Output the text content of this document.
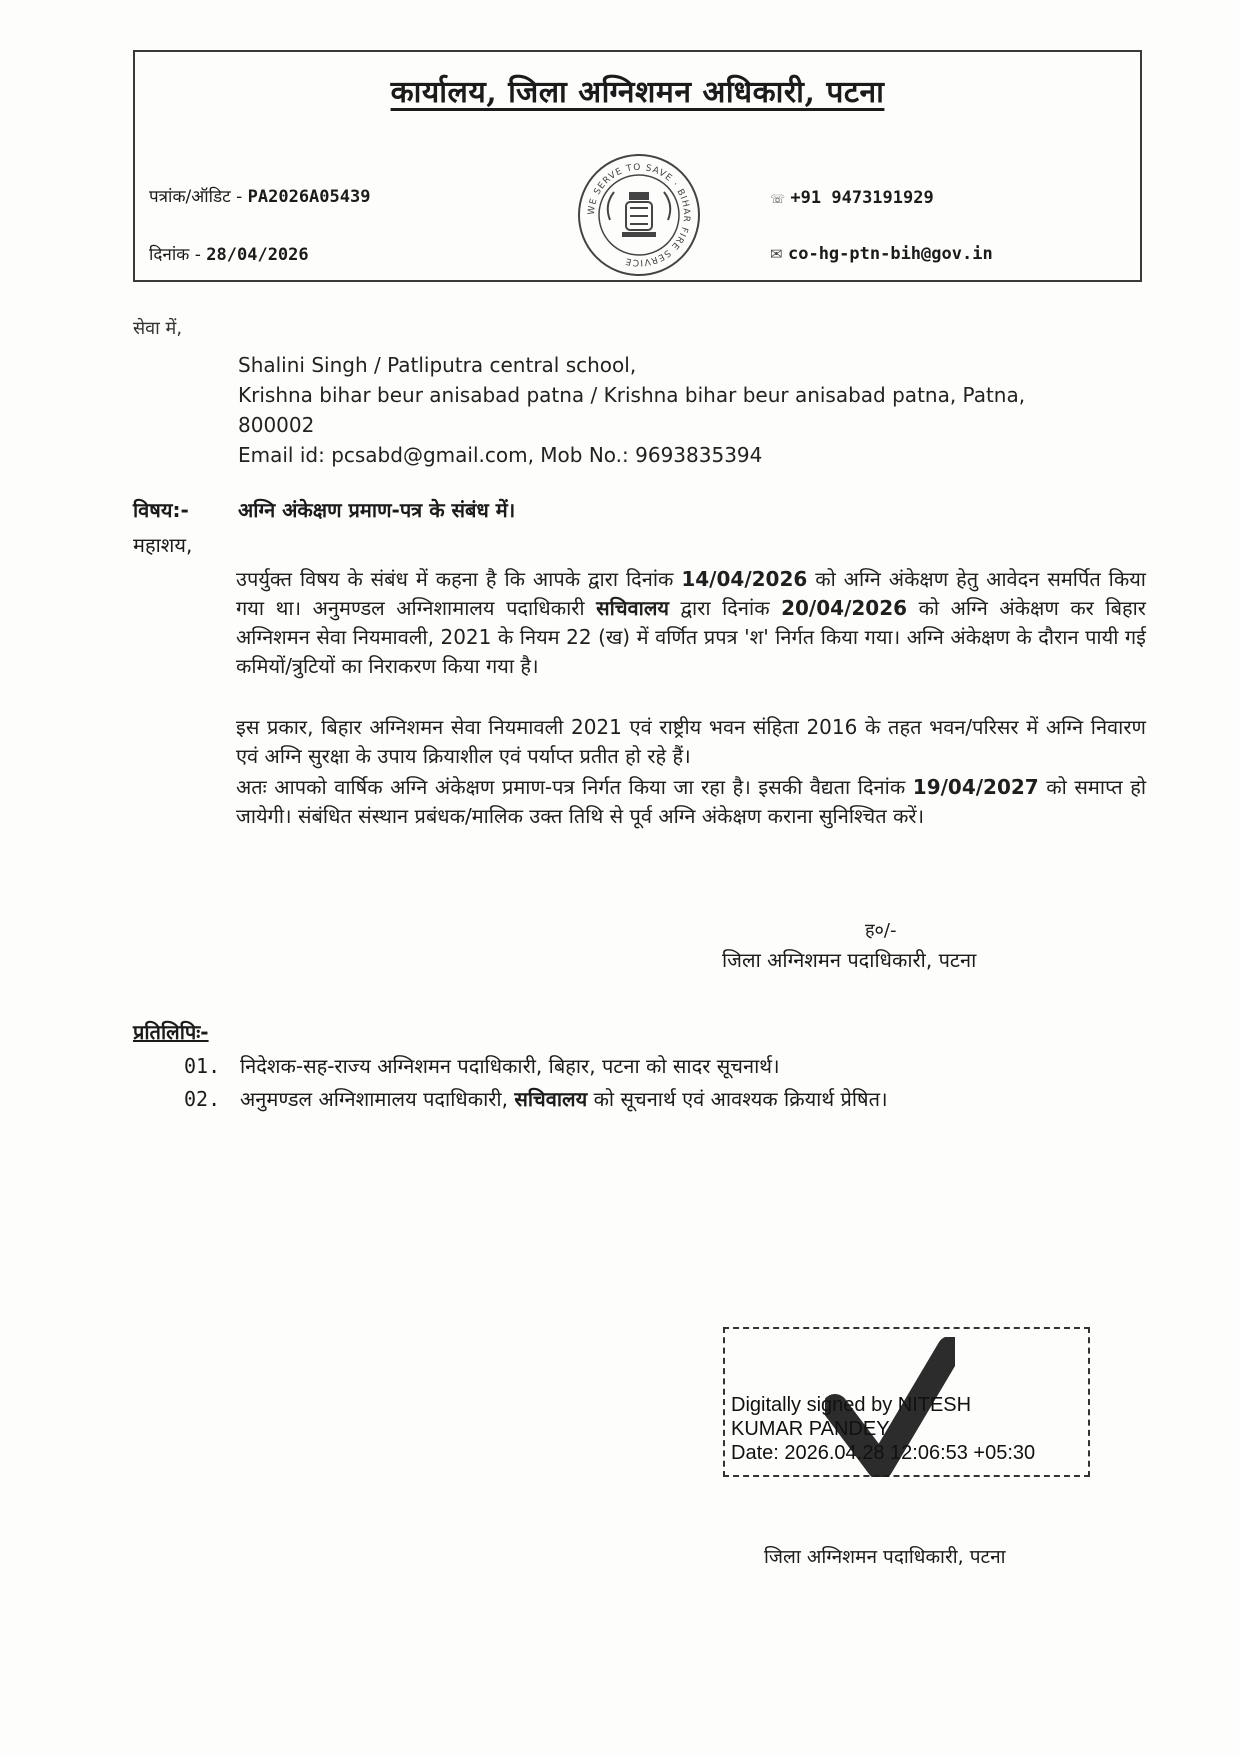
कार्यालय, जिला अग्निशमन अधिकारी, पटना
पत्रांक/ऑडिट - PA2026A05439
दिनांक - 28/04/2026
WE SERVE TO SAVE · BIHAR FIRE SERVICE
☏ +91 9473191929
✉ co-hg-ptn-bih@gov.in
सेवा में,
Shalini Singh / Patliputra central school,
Krishna bihar beur anisabad patna / Krishna bihar beur anisabad patna, Patna,
800002
Email id: pcsabd@gmail.com, Mob No.: 9693835394
विषय:- अग्नि अंकेक्षण प्रमाण-पत्र के संबंध में।
महाशय,
उपर्युक्त विषय के संबंध में कहना है कि आपके द्वारा दिनांक 14/04/2026 को अग्नि अंकेक्षण हेतु आवेदन समर्पित किया गया था। अनुमण्डल अग्निशामालय पदाधिकारी सचिवालय द्वारा दिनांक 20/04/2026 को अग्नि अंकेक्षण कर बिहार अग्निशमन सेवा नियमावली, 2021 के नियम 22 (ख) में वर्णित प्रपत्र 'श' निर्गत किया गया। अग्नि अंकेक्षण के दौरान पायी गई कमियों/त्रुटियों का निराकरण किया गया है।
इस प्रकार, बिहार अग्निशमन सेवा नियमावली 2021 एवं राष्ट्रीय भवन संहिता 2016 के तहत भवन/परिसर में अग्नि निवारण एवं अग्नि सुरक्षा के उपाय क्रियाशील एवं पर्याप्त प्रतीत हो रहे हैं।
अतः आपको वार्षिक अग्नि अंकेक्षण प्रमाण-पत्र निर्गत किया जा रहा है। इसकी वैद्यता दिनांक 19/04/2027 को समाप्त हो जायेगी। संबंधित संस्थान प्रबंधक/मालिक उक्त तिथि से पूर्व अग्नि अंकेक्षण कराना सुनिश्चित करें।
ह०/-
जिला अग्निशमन पदाधिकारी, पटना
प्रतिलिपिः-
01. निदेशक-सह-राज्य अग्निशमन पदाधिकारी, बिहार, पटना को सादर सूचनार्थ।
02. अनुमण्डल अग्निशामालय पदाधिकारी, सचिवालय को सूचनार्थ एवं आवश्यक क्रियार्थ प्रेषित।
Digitally signed by NITESH
KUMAR PANDEY
Date: 2026.04.28 12:06:53 +05:30
जिला अग्निशमन पदाधिकारी, पटना
